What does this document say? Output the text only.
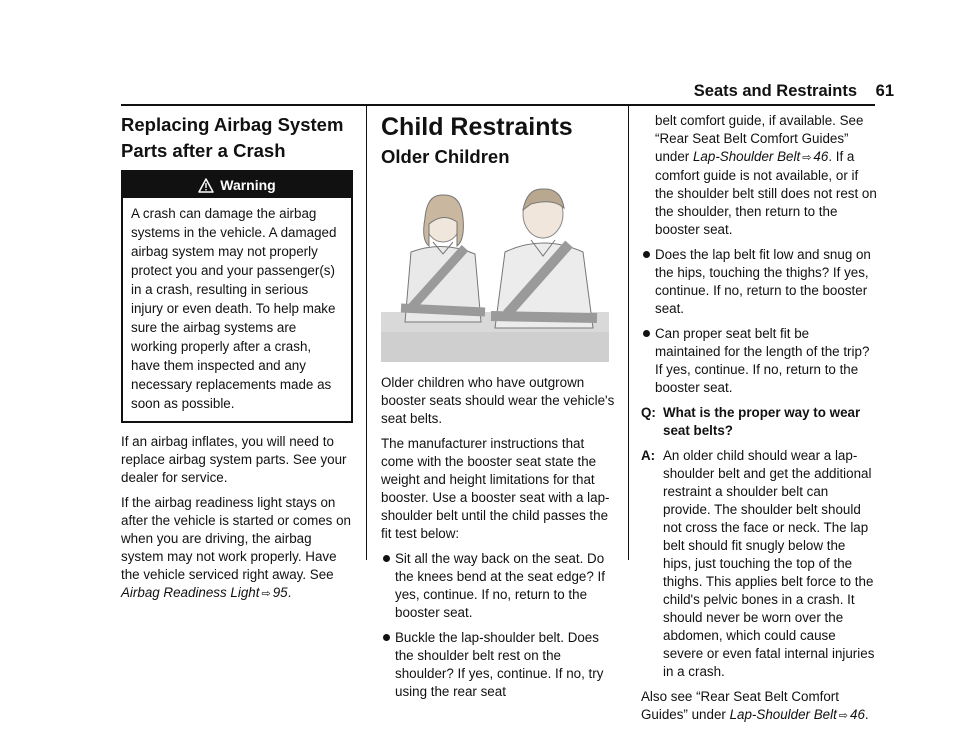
Seats and Restraints 61
Replacing Airbag System Parts after a Crash
Warning
A crash can damage the airbag systems in the vehicle. A damaged airbag system may not properly protect you and your passenger(s) in a crash, resulting in serious injury or even death. To help make sure the airbag systems are working properly after a crash, have them inspected and any necessary replacements made as soon as possible.

If an airbag inflates, you will need to replace airbag system parts. See your dealer for service.

If the airbag readiness light stays on after the vehicle is started or comes on when you are driving, the airbag system may not work properly. Have the vehicle serviced right away. See Airbag Readiness Light ⇨ 95.

Child Restraints
Older Children

Older children who have outgrown booster seats should wear the vehicle's seat belts.

The manufacturer instructions that come with the booster seat state the weight and height limitations for that booster. Use a booster seat with a lap-shoulder belt until the child passes the fit test below:

Sit all the way back on the seat. Do the knees bend at the seat edge? If yes, continue. If no, return to the booster seat.
Buckle the lap-shoulder belt. Does the shoulder belt rest on the shoulder? If yes, continue. If no, try using the rear seat

belt comfort guide, if available. See “Rear Seat Belt Comfort Guides” under Lap-Shoulder Belt ⇨ 46. If a comfort guide is not available, or if the shoulder belt still does not rest on the shoulder, then return to the booster seat.

Does the lap belt fit low and snug on the hips, touching the thighs? If yes, continue. If no, return to the booster seat.
Can proper seat belt fit be maintained for the length of the trip? If yes, continue. If no, return to the booster seat.
Q: What is the proper way to wear seat belts?
A: An older child should wear a lap-shoulder belt and get the additional restraint a shoulder belt can provide. The shoulder belt should not cross the face or neck. The lap belt should fit snugly below the hips, just touching the top of the thighs. This applies belt force to the child's pelvic bones in a crash. It should never be worn over the abdomen, which could cause severe or even fatal internal injuries in a crash.

Also see “Rear Seat Belt Comfort Guides” under Lap-Shoulder Belt ⇨ 46.
